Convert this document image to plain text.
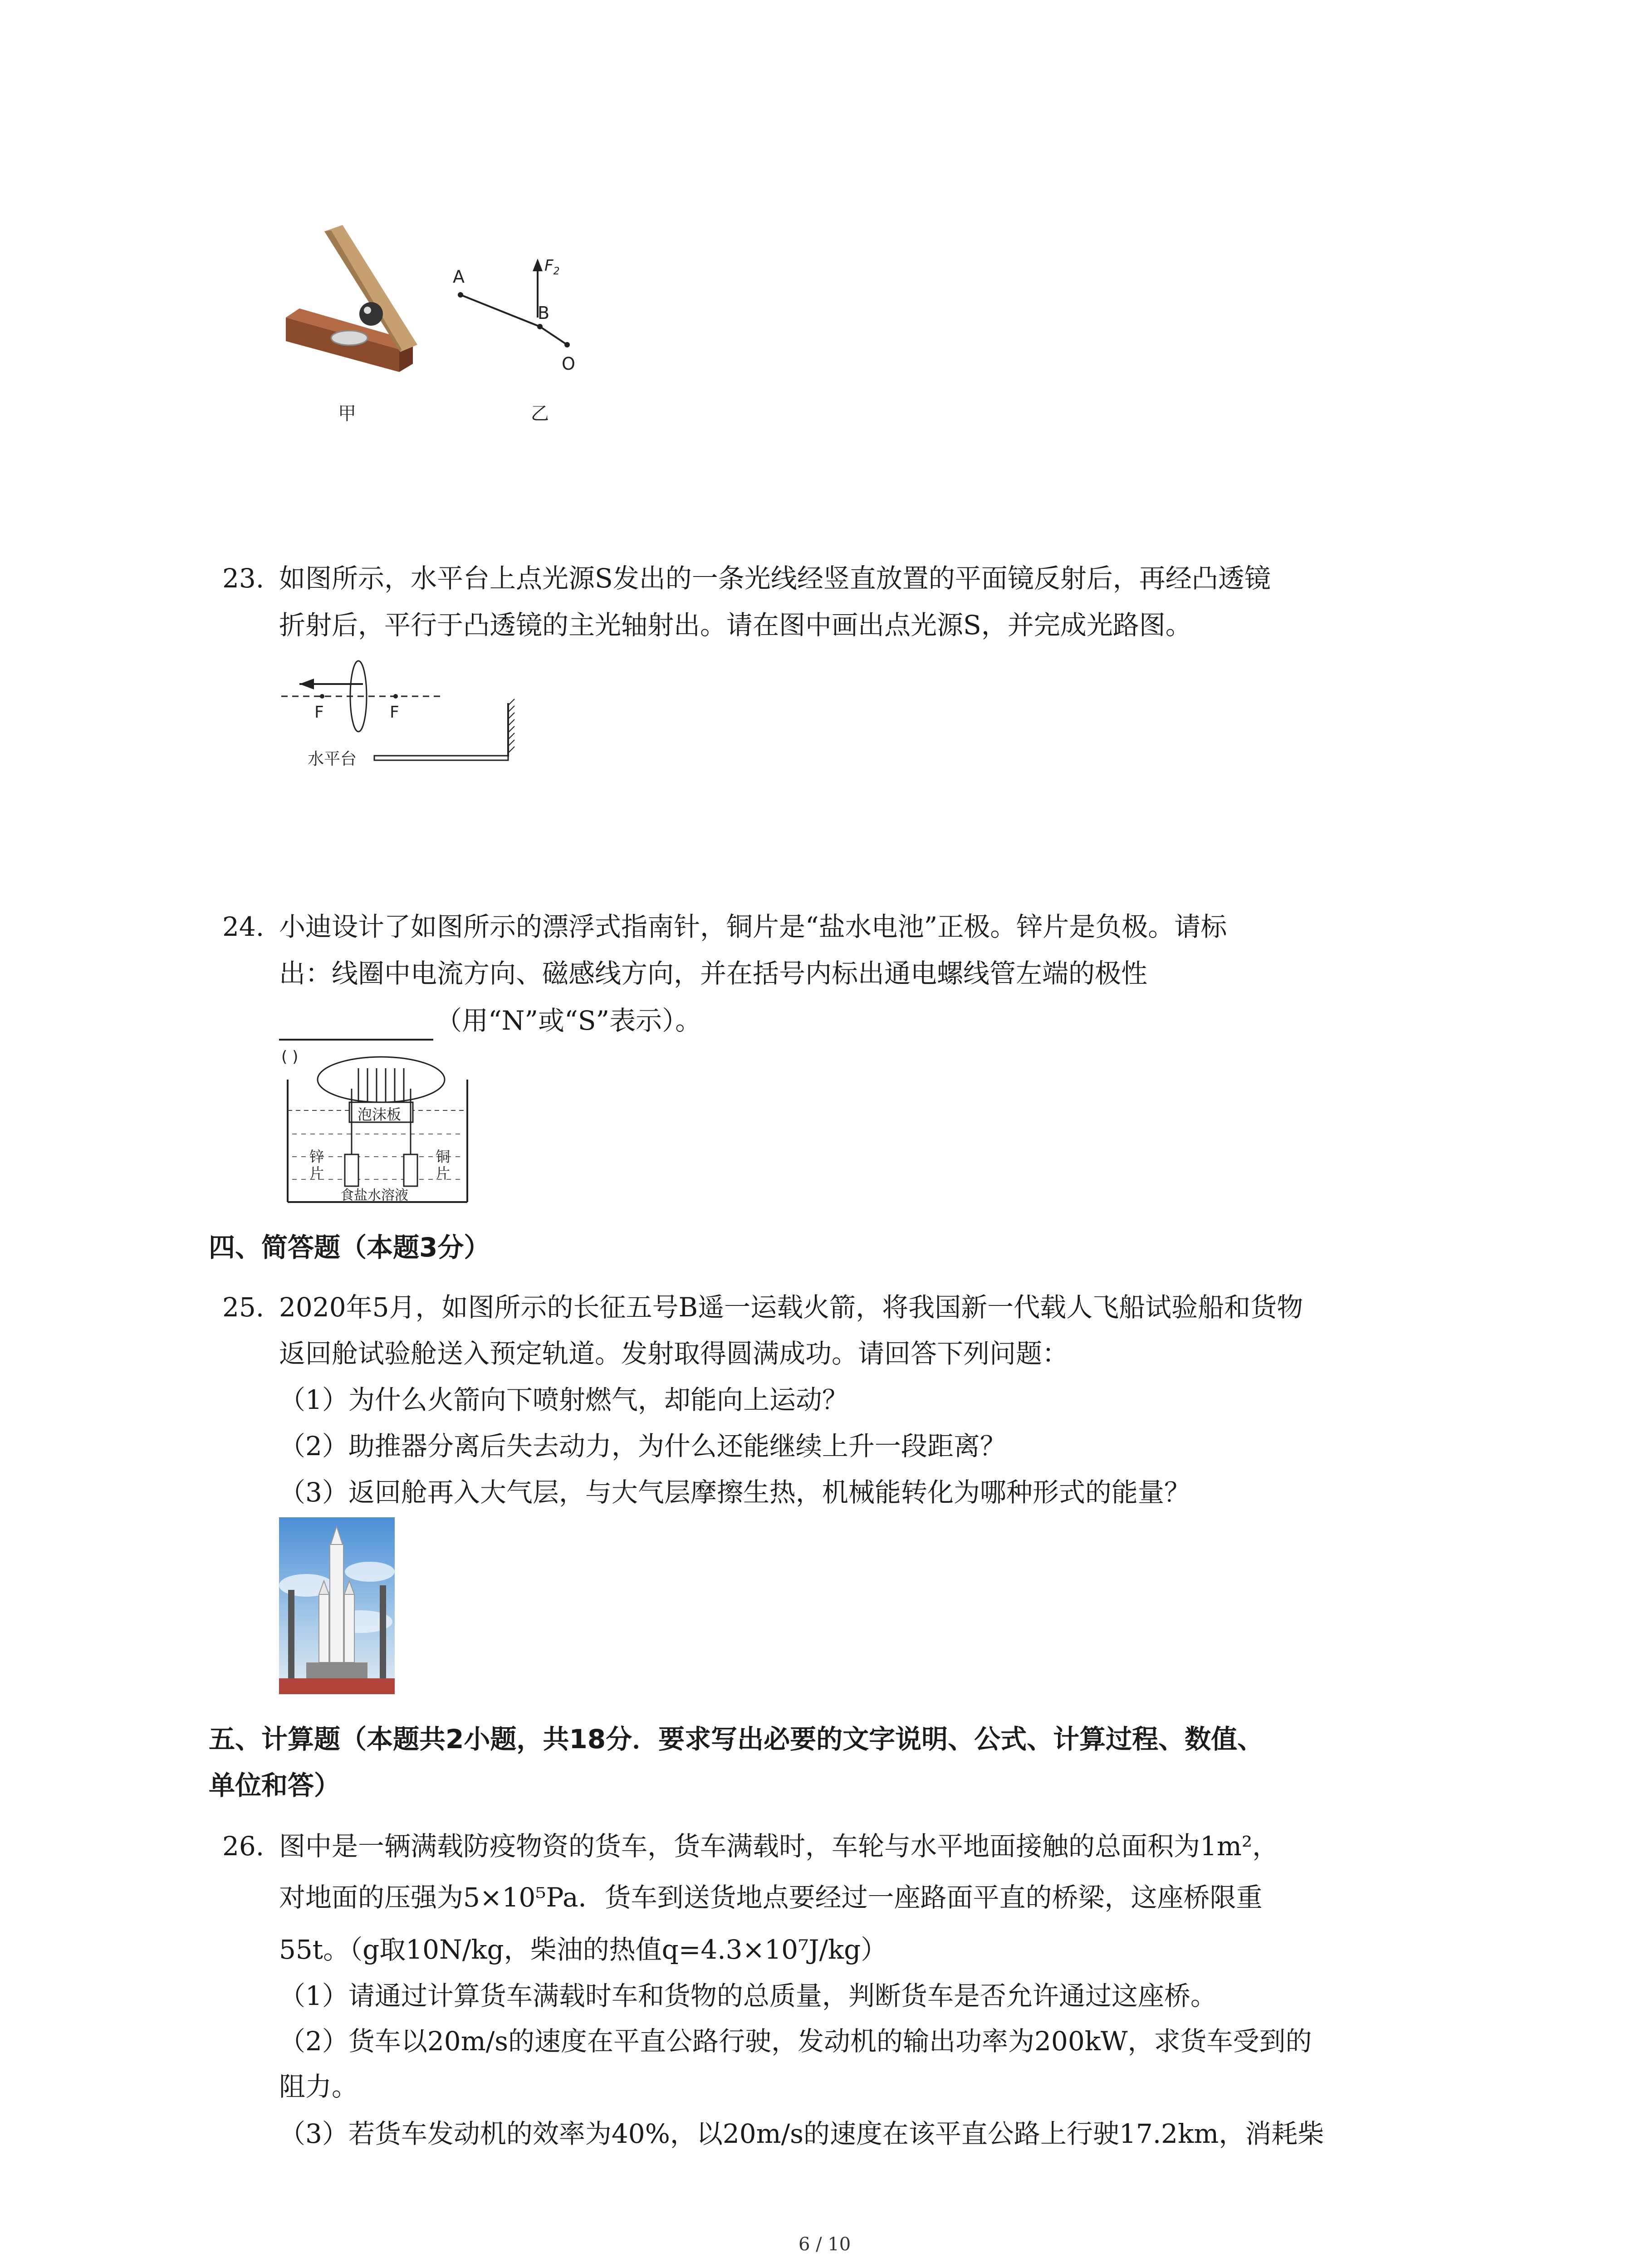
甲
A
B
O
$F_2$
乙
23. 如图所示，水平台上点光源S发出的一条光线经竖直放置的平面镜反射后，再经凸透镜
折射后，平行于凸透镜的主光轴射出。请在图中画出点光源S，并完成光路图。
F	F
水平台
24. 小迪设计了如图所示的漂浮式指南针，铜片是“盐水电池”正极。锌片是负极。请标
出：线圈中电流方向、磁感线方向，并在括号内标出通电螺线管左端的极性
（用“N”或“S”表示）。
( )
泡沫板
锌
片
铜
片
食盐水溶液
四、简答题（本题3分）
25. 2020年5月，如图所示的长征五号B遥一运载火箭，将我国新一代载人飞船试验船和货物
返回舱试验舱送入预定轨道。发射取得圆满成功。请回答下列问题：
（1）为什么火箭向下喷射燃气，却能向上运动？
（2）助推器分离后失去动力，为什么还能继续上升一段距离？
（3）返回舱再入大气层，与大气层摩擦生热，机械能转化为哪种形式的能量？
五、计算题（本题共2小题，共18分．要求写出必要的文字说明、公式、计算过程、数值、
单位和答）
26. 图中是一辆满载防疫物资的货车，货车满载时，车轮与水平地面接触的总面积为1m²，
对地面的压强为5×10⁵Pa．货车到送货地点要经过一座路面平直的桥梁，这座桥限重
55t。（g取10N/kg，柴油的热值q=4.3×10⁷J/kg）
（1）请通过计算货车满载时车和货物的总质量，判断货车是否允许通过这座桥。
（2）货车以20m/s的速度在平直公路行驶，发动机的输出功率为200kW，求货车受到的
阻力。
（3）若货车发动机的效率为40%，以20m/s的速度在该平直公路上行驶17.2km，消耗柴
6 / 10
